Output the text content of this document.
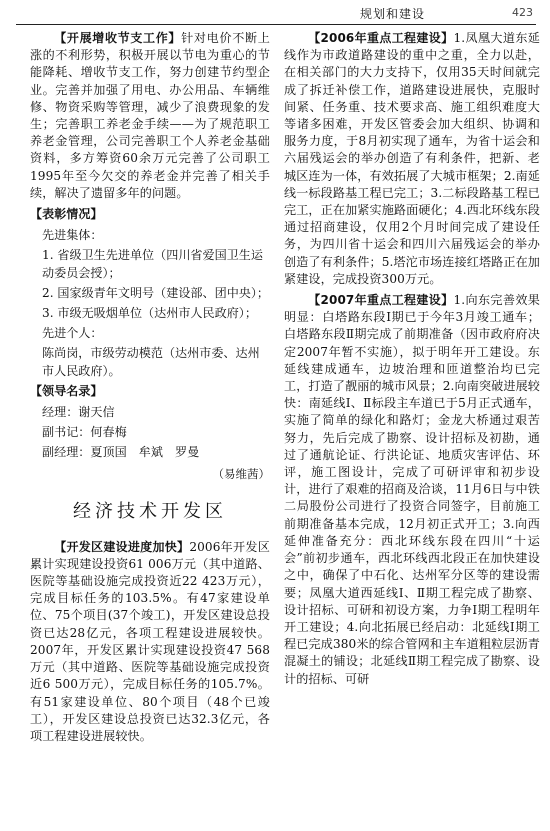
规划和建设	423

【开展增收节支工作】针对电价不断上涨的不利形势，积极开展以节电为重心的节能降耗、增收节支工作，努力创建节约型企业。完善并加强了用电、办公用品、车辆维修、物资采购等管理，减少了浪费现象的发生；完善职工养老金手续——为了规范职工养老金管理，公司完善职工个人养老金基础资料，多方筹资60余万元完善了公司职工1995年至今欠交的养老金并完善了相关手续，解决了遗留多年的问题。

【表彰情况】

先进集体：

1. 省级卫生先进单位（四川省爱国卫生运动委员会授）；

2. 国家级青年文明号（建设部、团中央）；

3. 市级无吸烟单位（达州市人民政府）；

先进个人：

陈尚岗，市级劳动模范（达州市委、达州市人民政府）。

【领导名录】

经理：谢天信

副书记：何春梅

副经理：夏顶国　牟斌　罗曼

（易维茜）

经济技术开发区

【开发区建设进度加快】2006年开发区累计实现建设投资61 006万元（其中道路、医院等基础设施完成投资近22 423万元），完成目标任务的103.5%。有47家建设单位、75个项目(37个竣工)，开发区建设总投资已达28亿元，各项工程建设进展较快。2007年，开发区累计实现建设投资47 568万元（其中道路、医院等基础设施完成投资近6 500万元），完成目标任务的105.7%。有51家建设单位、80个项目（48个已竣工），开发区建设总投资已达32.3亿元，各项工程建设进展较快。

【2006年重点工程建设】1.凤凰大道东延线作为市政道路建设的重中之重，全力以赴，在相关部门的大力支持下，仅用35天时间就完成了拆迁补偿工作，道路建设进展快，克服时间紧、任务重、技术要求高、施工组织难度大等诸多困难，开发区管委会加大组织、协调和服务力度，于8月初实现了通车，为省十运会和六届残运会的举办创造了有利条件，把新、老城区连为一体，有效拓展了大城市框架；2.南延线一标段路基工程已完工；3.二标段路基工程已完工，正在加紧实施路面硬化；4.西北环线东段通过招商建设，仅用2个月时间完成了建设任务，为四川省十运会和四川六届残运会的举办创造了有利条件；5.塔沱市场连接红塔路正在加紧建设，完成投资300万元。

【2007年重点工程建设】1.向东完善效果明显：白塔路东段Ⅰ期已于今年3月竣工通车；白塔路东段Ⅱ期完成了前期准备（因市政府府决定2007年暂不实施），拟于明年开工建设。东延线建成通车，边坡治理和匝道整治均已完工，打造了靓丽的城市风景；2.向南突破进展较快：南延线Ⅰ、Ⅱ标段主车道已于5月正式通车，实施了简单的绿化和路灯；金龙大桥通过艰苦努力，先后完成了勘察、设计招标及初勘，通过了通航论证、行洪论证、地质灾害评估、环评，施工图设计，完成了可研评审和初步设计，进行了艰难的招商及洽谈，11月6日与中铁二局股份公司进行了投资合同签字，目前施工前期准备基本完成，12月初正式开工；3.向西延伸准备充分：西北环线东段在四川“十运会”前初步通车，西北环线西北段正在加快建设之中，确保了中石化、达州军分区等的建设需要；凤凰大道西延线Ⅰ、Ⅱ期工程完成了勘察、设计招标、可研和初设方案，力争Ⅰ期工程明年开工建设；4.向北拓展已经启动：北延线Ⅰ期工程已完成380米的综合管网和主车道粗粒层沥青混凝土的铺设；北延线Ⅱ期工程完成了勘察、设计的招标、可研
